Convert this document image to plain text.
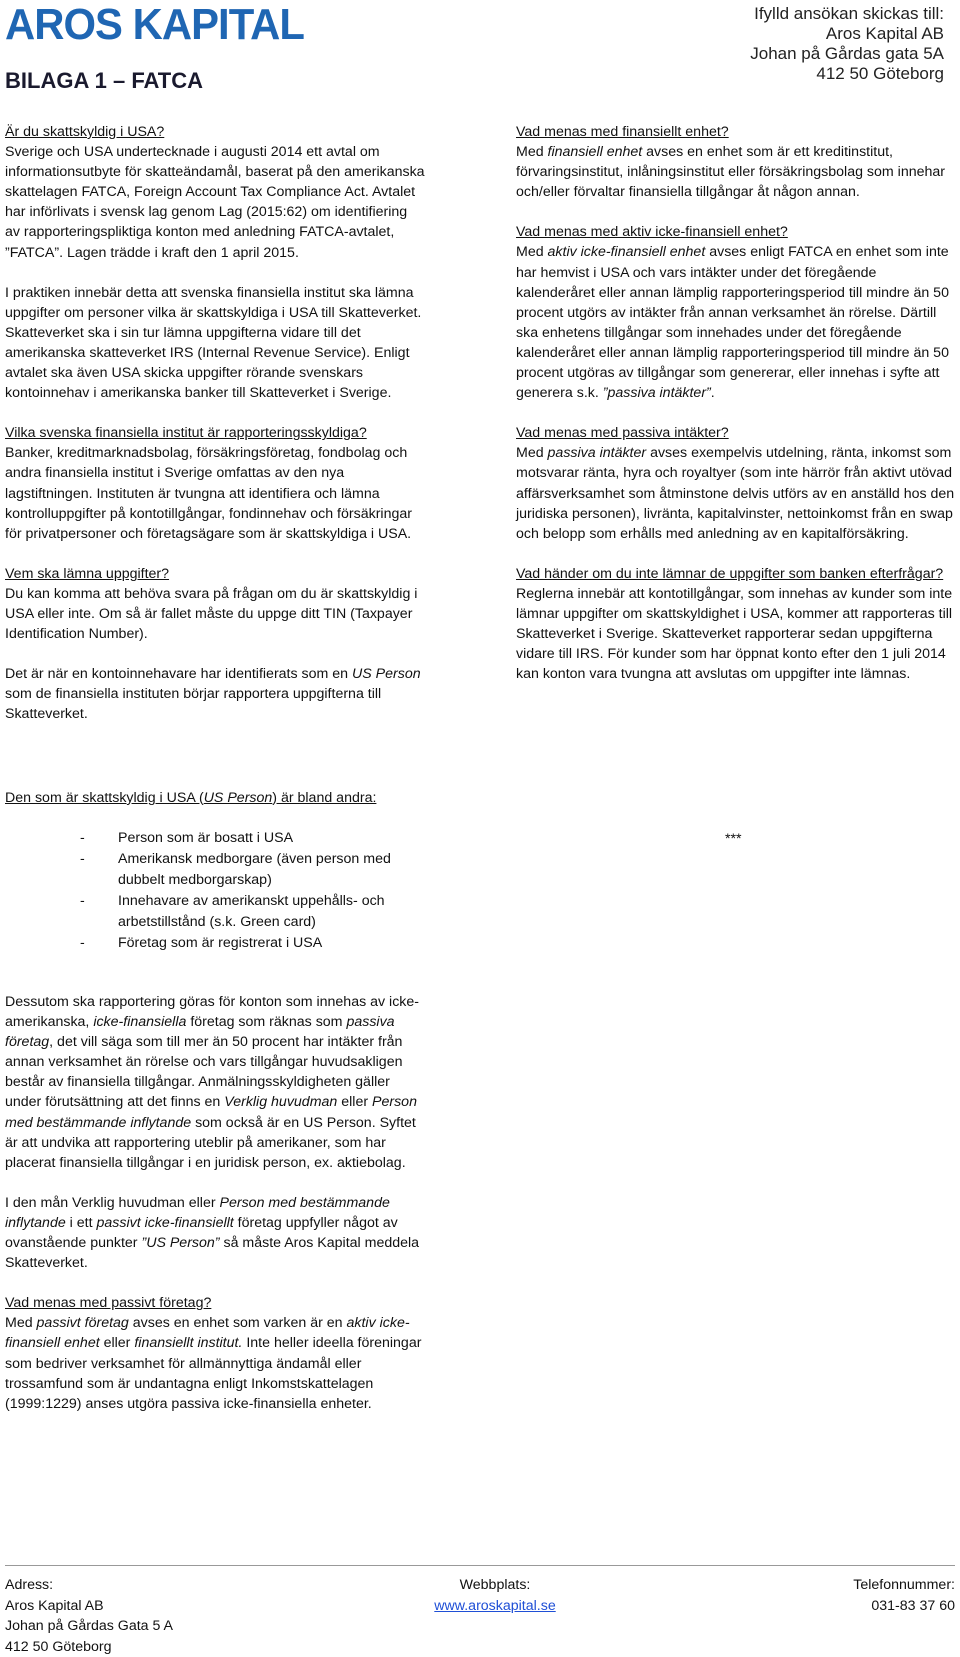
AROS KAPITAL
BILAGA 1 – FATCA
Ifylld ansökan skickas till:
Aros Kapital AB
Johan på Gårdas gata 5A
412 50 Göteborg

Är du skattskyldig i USA?

Sverige och USA undertecknade i augusti 2014 ett avtal om informationsutbyte för skatteändamål, baserat på den amerikanska skattelagen FATCA, Foreign Account Tax Compliance Act. Avtalet har införlivats i svensk lag genom Lag (2015:62) om identifiering av rapporteringspliktiga konton med anledning FATCA-avtalet, ”FATCA”. Lagen trädde i kraft den 1 april 2015.

I praktiken innebär detta att svenska finansiella institut ska lämna uppgifter om personer vilka är skattskyldiga i USA till Skatteverket. Skatteverket ska i sin tur lämna uppgifterna vidare till det amerikanska skatteverket IRS (Internal Revenue Service). Enligt avtalet ska även USA skicka uppgifter rörande svenskars kontoinnehav i amerikanska banker till Skatteverket i Sverige.

Vilka svenska finansiella institut är rapporteringsskyldiga?

Banker, kreditmarknadsbolag, försäkringsföretag, fondbolag och andra finansiella institut i Sverige omfattas av den nya lagstiftningen. Instituten är tvungna att identifiera och lämna kontrolluppgifter på kontotillgångar, fondinnehav och försäkringar för privatpersoner och företagsägare som är skattskyldiga i USA.

Vem ska lämna uppgifter?

Du kan komma att behöva svara på frågan om du är skattskyldig i USA eller inte. Om så är fallet måste du uppge ditt TIN (Taxpayer Identification Number).

Det är när en kontoinnehavare har identifierats som en US Person som de finansiella instituten börjar rapportera uppgifterna till Skatteverket.

Vad menas med finansiellt enhet?

Med finansiell enhet avses en enhet som är ett kreditinstitut, förvaringsinstitut, inlåningsinstitut eller försäkringsbolag som innehar och/eller förvaltar finansiella tillgångar åt någon annan.

Vad menas med aktiv icke-finansiell enhet?

Med aktiv icke-finansiell enhet avses enligt FATCA en enhet som inte har hemvist i USA och vars intäkter under det föregående kalenderåret eller annan lämplig rapporteringsperiod till mindre än 50 procent utgörs av intäkter från annan verksamhet än rörelse. Därtill ska enhetens tillgångar som innehades under det föregående kalenderåret eller annan lämplig rapporteringsperiod till mindre än 50 procent utgöras av tillgångar som genererar, eller innehas i syfte att generera s.k. ”passiva intäkter”.

Vad menas med passiva intäkter?

Med passiva intäkter avses exempelvis utdelning, ränta, inkomst som motsvarar ränta, hyra och royaltyer (som inte härrör från aktivt utövad affärsverksamhet som åtminstone delvis utförs av en anställd hos den juridiska personen), livränta, kapitalvinster, nettoinkomst från en swap och belopp som erhålls med anledning av en kapitalförsäkring.

Vad händer om du inte lämnar de uppgifter som banken efterfrågar?

Reglerna innebär att kontotillgångar, som innehas av kunder som inte lämnar uppgifter om skattskyldighet i USA, kommer att rapporteras till Skatteverket i Sverige. Skatteverket rapporterar sedan uppgifterna vidare till IRS. För kunder som har öppnat konto efter den 1 juli 2014 kan konton vara tvungna att avslutas om uppgifter inte lämnas.

Den som är skattskyldig i USA (US Person) är bland andra:

- Person som är bosatt i USA
- Amerikansk medborgare (även person med dubbelt medborgarskap)
- Innehavare av amerikanskt uppehålls- och arbetstillstånd (s.k. Green card)
- Företag som är registrerat i USA
***

Dessutom ska rapportering göras för konton som innehas av icke-amerikanska, icke-finansiella företag som räknas som passiva företag, det vill säga som till mer än 50 procent har intäkter från annan verksamhet än rörelse och vars tillgångar huvudsakligen består av finansiella tillgångar. Anmälningsskyldigheten gäller under förutsättning att det finns en Verklig huvudman eller Person med bestämmande inflytande som också är en US Person. Syftet är att undvika att rapportering uteblir på amerikaner, som har placerat finansiella tillgångar i en juridisk person, ex. aktiebolag.

I den mån Verklig huvudman eller Person med bestämmande inflytande i ett passivt icke-finansiellt företag uppfyller något av ovanstående punkter ”US Person” så måste Aros Kapital meddela Skatteverket.

Vad menas med passivt företag?

Med passivt företag avses en enhet som varken är en aktiv icke-finansiell enhet eller finansiellt institut. Inte heller ideella föreningar som bedriver verksamhet för allmännyttiga ändamål eller trossamfund som är undantagna enligt Inkomstskattelagen (1999:1229) anses utgöra passiva icke-finansiella enheter.

Adress:
Aros Kapital AB
Johan på Gårdas Gata 5 A
412 50 Göteborg
Webbplats:
www.aroskapital.se
Telefonnummer:
031-83 37 60
